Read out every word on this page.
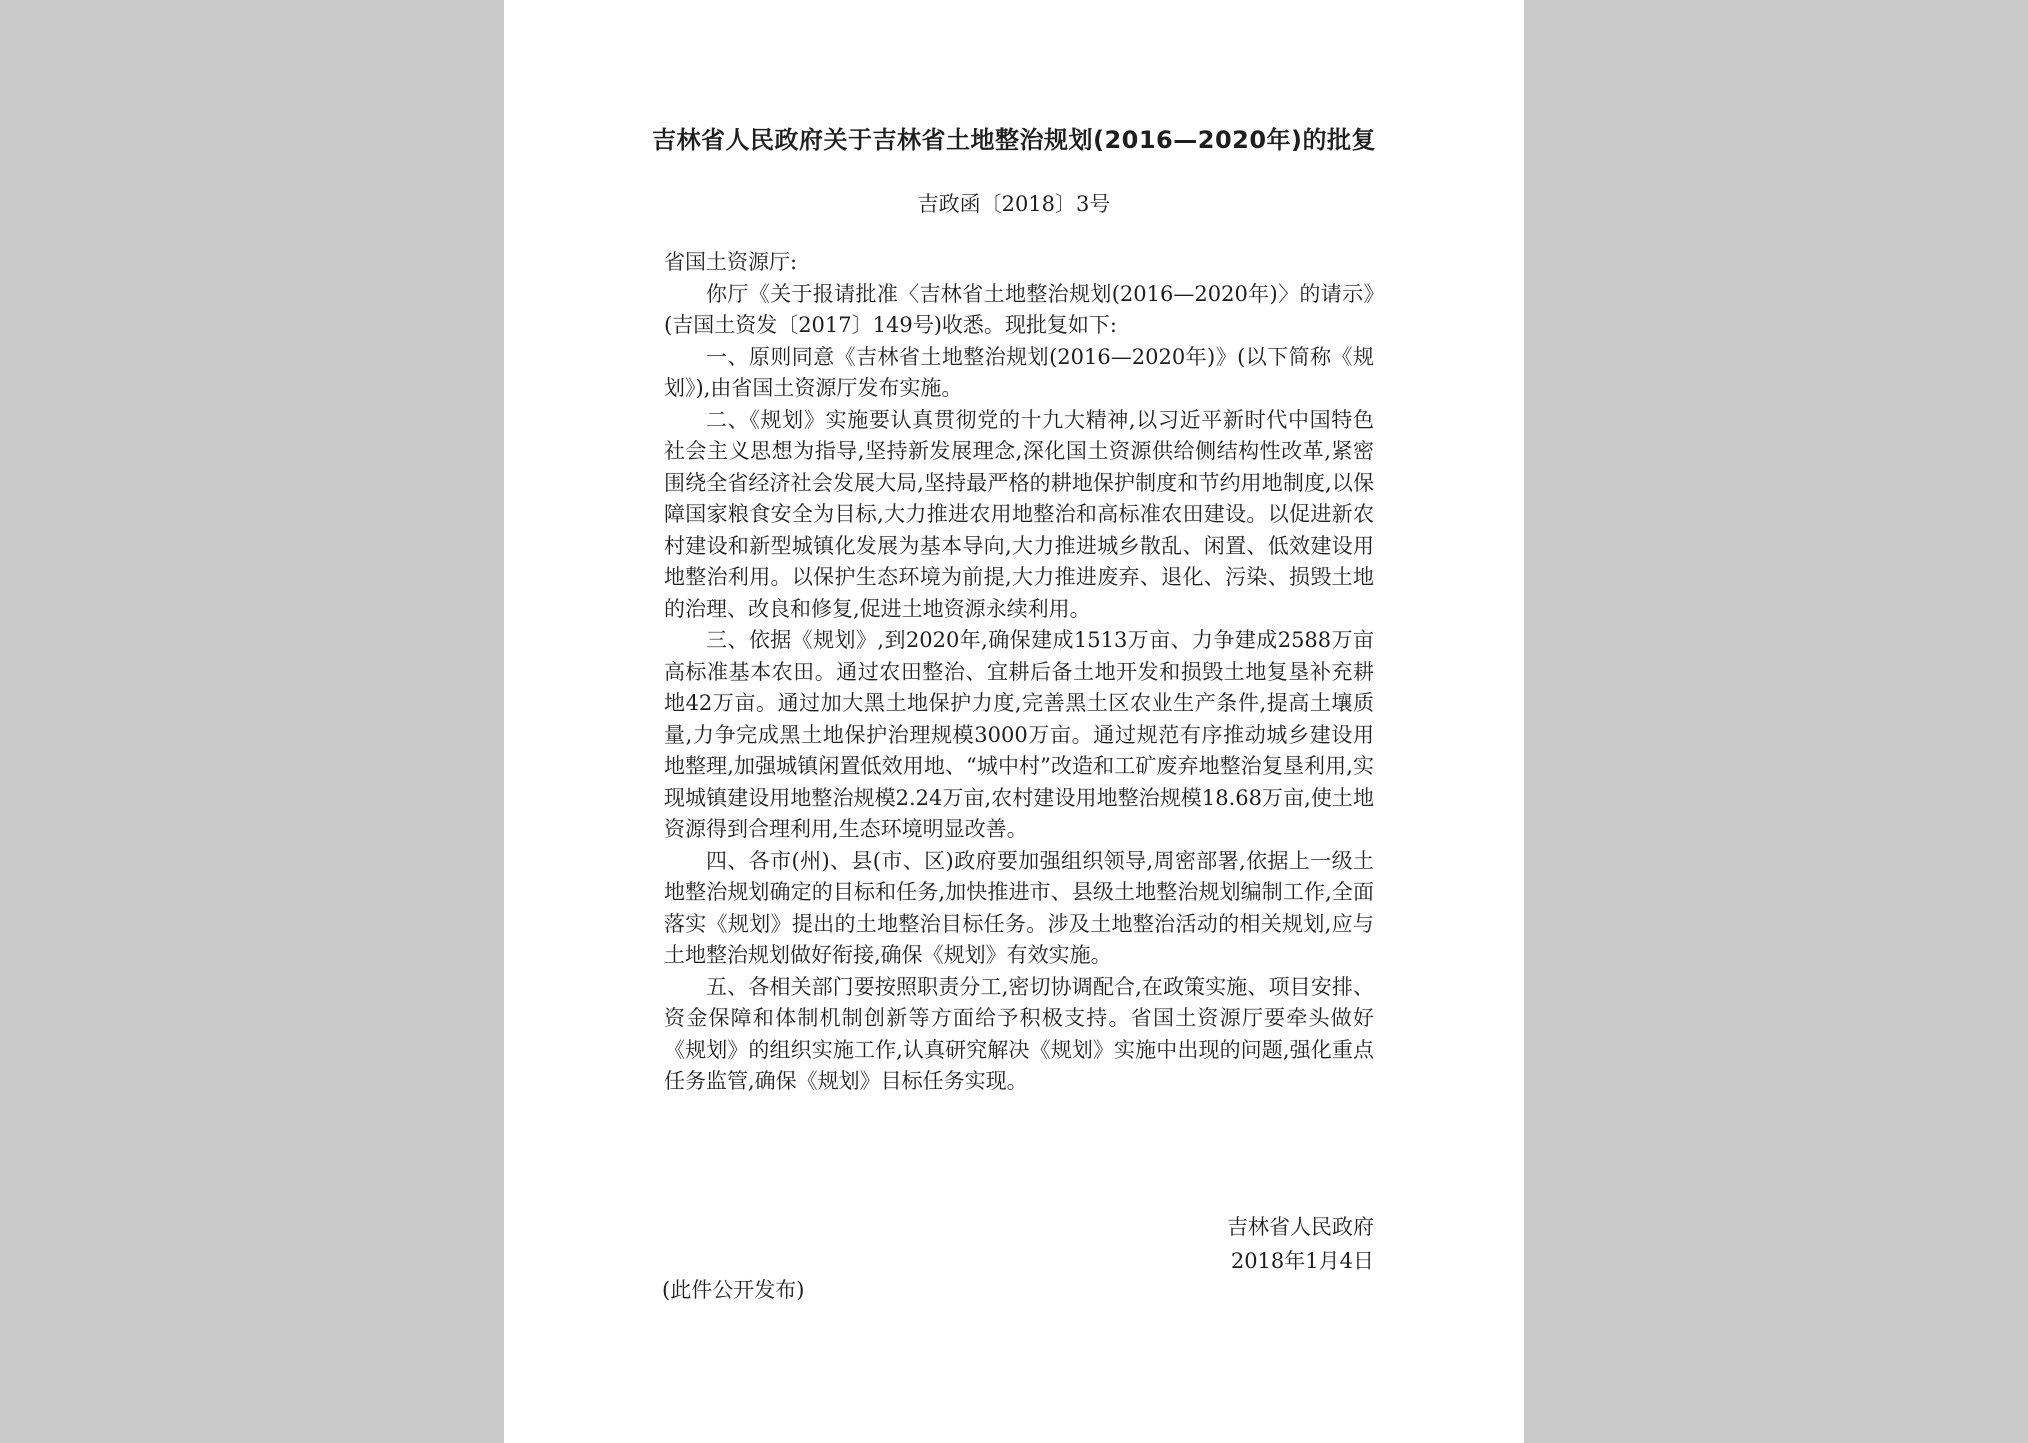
吉林省人民政府关于吉林省土地整治规划(2016—2020年)的批复
吉政函〔2018〕3号

省国土资源厅:

你厅《关于报请批准〈吉林省土地整治规划(2016—2020年)〉的请示》(吉国土资发〔2017〕149号)收悉。现批复如下:

一、原则同意《吉林省土地整治规划(2016—2020年)》(以下简称《规划》),由省国土资源厅发布实施。

二、《规划》实施要认真贯彻党的十九大精神,以习近平新时代中国特色社会主义思想为指导,坚持新发展理念,深化国土资源供给侧结构性改革,紧密围绕全省经济社会发展大局,坚持最严格的耕地保护制度和节约用地制度,以保障国家粮食安全为目标,大力推进农用地整治和高标准农田建设。以促进新农村建设和新型城镇化发展为基本导向,大力推进城乡散乱、闲置、低效建设用地整治利用。以保护生态环境为前提,大力推进废弃、退化、污染、损毁土地的治理、改良和修复,促进土地资源永续利用。

三、依据《规划》,到2020年,确保建成1513万亩、力争建成2588万亩高标准基本农田。通过农田整治、宜耕后备土地开发和损毁土地复垦补充耕地42万亩。通过加大黑土地保护力度,完善黑土区农业生产条件,提高土壤质量,力争完成黑土地保护治理规模3000万亩。通过规范有序推动城乡建设用地整理,加强城镇闲置低效用地、“城中村”改造和工矿废弃地整治复垦利用,实现城镇建设用地整治规模2.24万亩,农村建设用地整治规模18.68万亩,使土地资源得到合理利用,生态环境明显改善。

四、各市(州)、县(市、区)政府要加强组织领导,周密部署,依据上一级土地整治规划确定的目标和任务,加快推进市、县级土地整治规划编制工作,全面落实《规划》提出的土地整治目标任务。涉及土地整治活动的相关规划,应与土地整治规划做好衔接,确保《规划》有效实施。

五、各相关部门要按照职责分工,密切协调配合,在政策实施、项目安排、资金保障和体制机制创新等方面给予积极支持。省国土资源厅要牵头做好《规划》的组织实施工作,认真研究解决《规划》实施中出现的问题,强化重点任务监管,确保《规划》目标任务实现。

吉林省人民政府
2018年1月4日
(此件公开发布)
